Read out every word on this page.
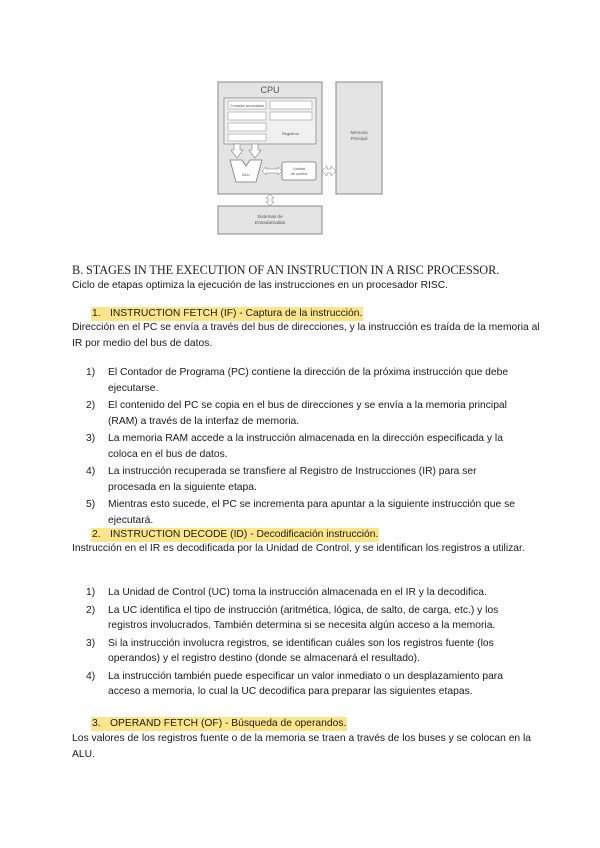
CPU
Contador acumulador
Registros
ALU
Unidad
de control
Memoria
Principal
Sistemas de
Entrada/Salida
B. STAGES IN THE EXECUTION OF AN INSTRUCTION IN A RISC PROCESSOR.
Ciclo de etapas optimiza la ejecución de las instrucciones en un procesador RISC.
1. INSTRUCTION FETCH (IF) - Captura de la instrucción.
Dirección en el PC se envía a través del bus de direcciones, y la instrucción es traída de la memoria al IR por medio del bus de datos.
1) El Contador de Programa (PC) contiene la dirección de la próxima instrucción que debe ejecutarse.
2) El contenido del PC se copia en el bus de direcciones y se envía a la memoria principal (RAM) a través de la interfaz de memoria.
3) La memoria RAM accede a la instrucción almacenada en la dirección especificada y la coloca en el bus de datos.
4) La instrucción recuperada se transfiere al Registro de Instrucciones (IR) para ser procesada en la siguiente etapa.
5) Mientras esto sucede, el PC se incrementa para apuntar a la siguiente instrucción que se ejecutará.
2. INSTRUCTION DECODE (ID) - Decodificación instrucción.
Instrucción en el IR es decodificada por la Unidad de Control, y se identifican los registros a utilizar.
1) La Unidad de Control (UC) toma la instrucción almacenada en el IR y la decodifica.
2) La UC identifica el tipo de instrucción (aritmética, lógica, de salto, de carga, etc.) y los registros involucrados. También determina si se necesita algún acceso a la memoria.
3) Si la instrucción involucra registros, se identifican cuáles son los registros fuente (los operandos) y el registro destino (donde se almacenará el resultado).
4) La instrucción también puede especificar un valor inmediato o un desplazamiento para acceso a memoria, lo cual la UC decodifica para preparar las siguientes etapas.
3. OPERAND FETCH (OF) - Búsqueda de operandos.
Los valores de los registros fuente o de la memoria se traen a través de los buses y se colocan en la ALU.
